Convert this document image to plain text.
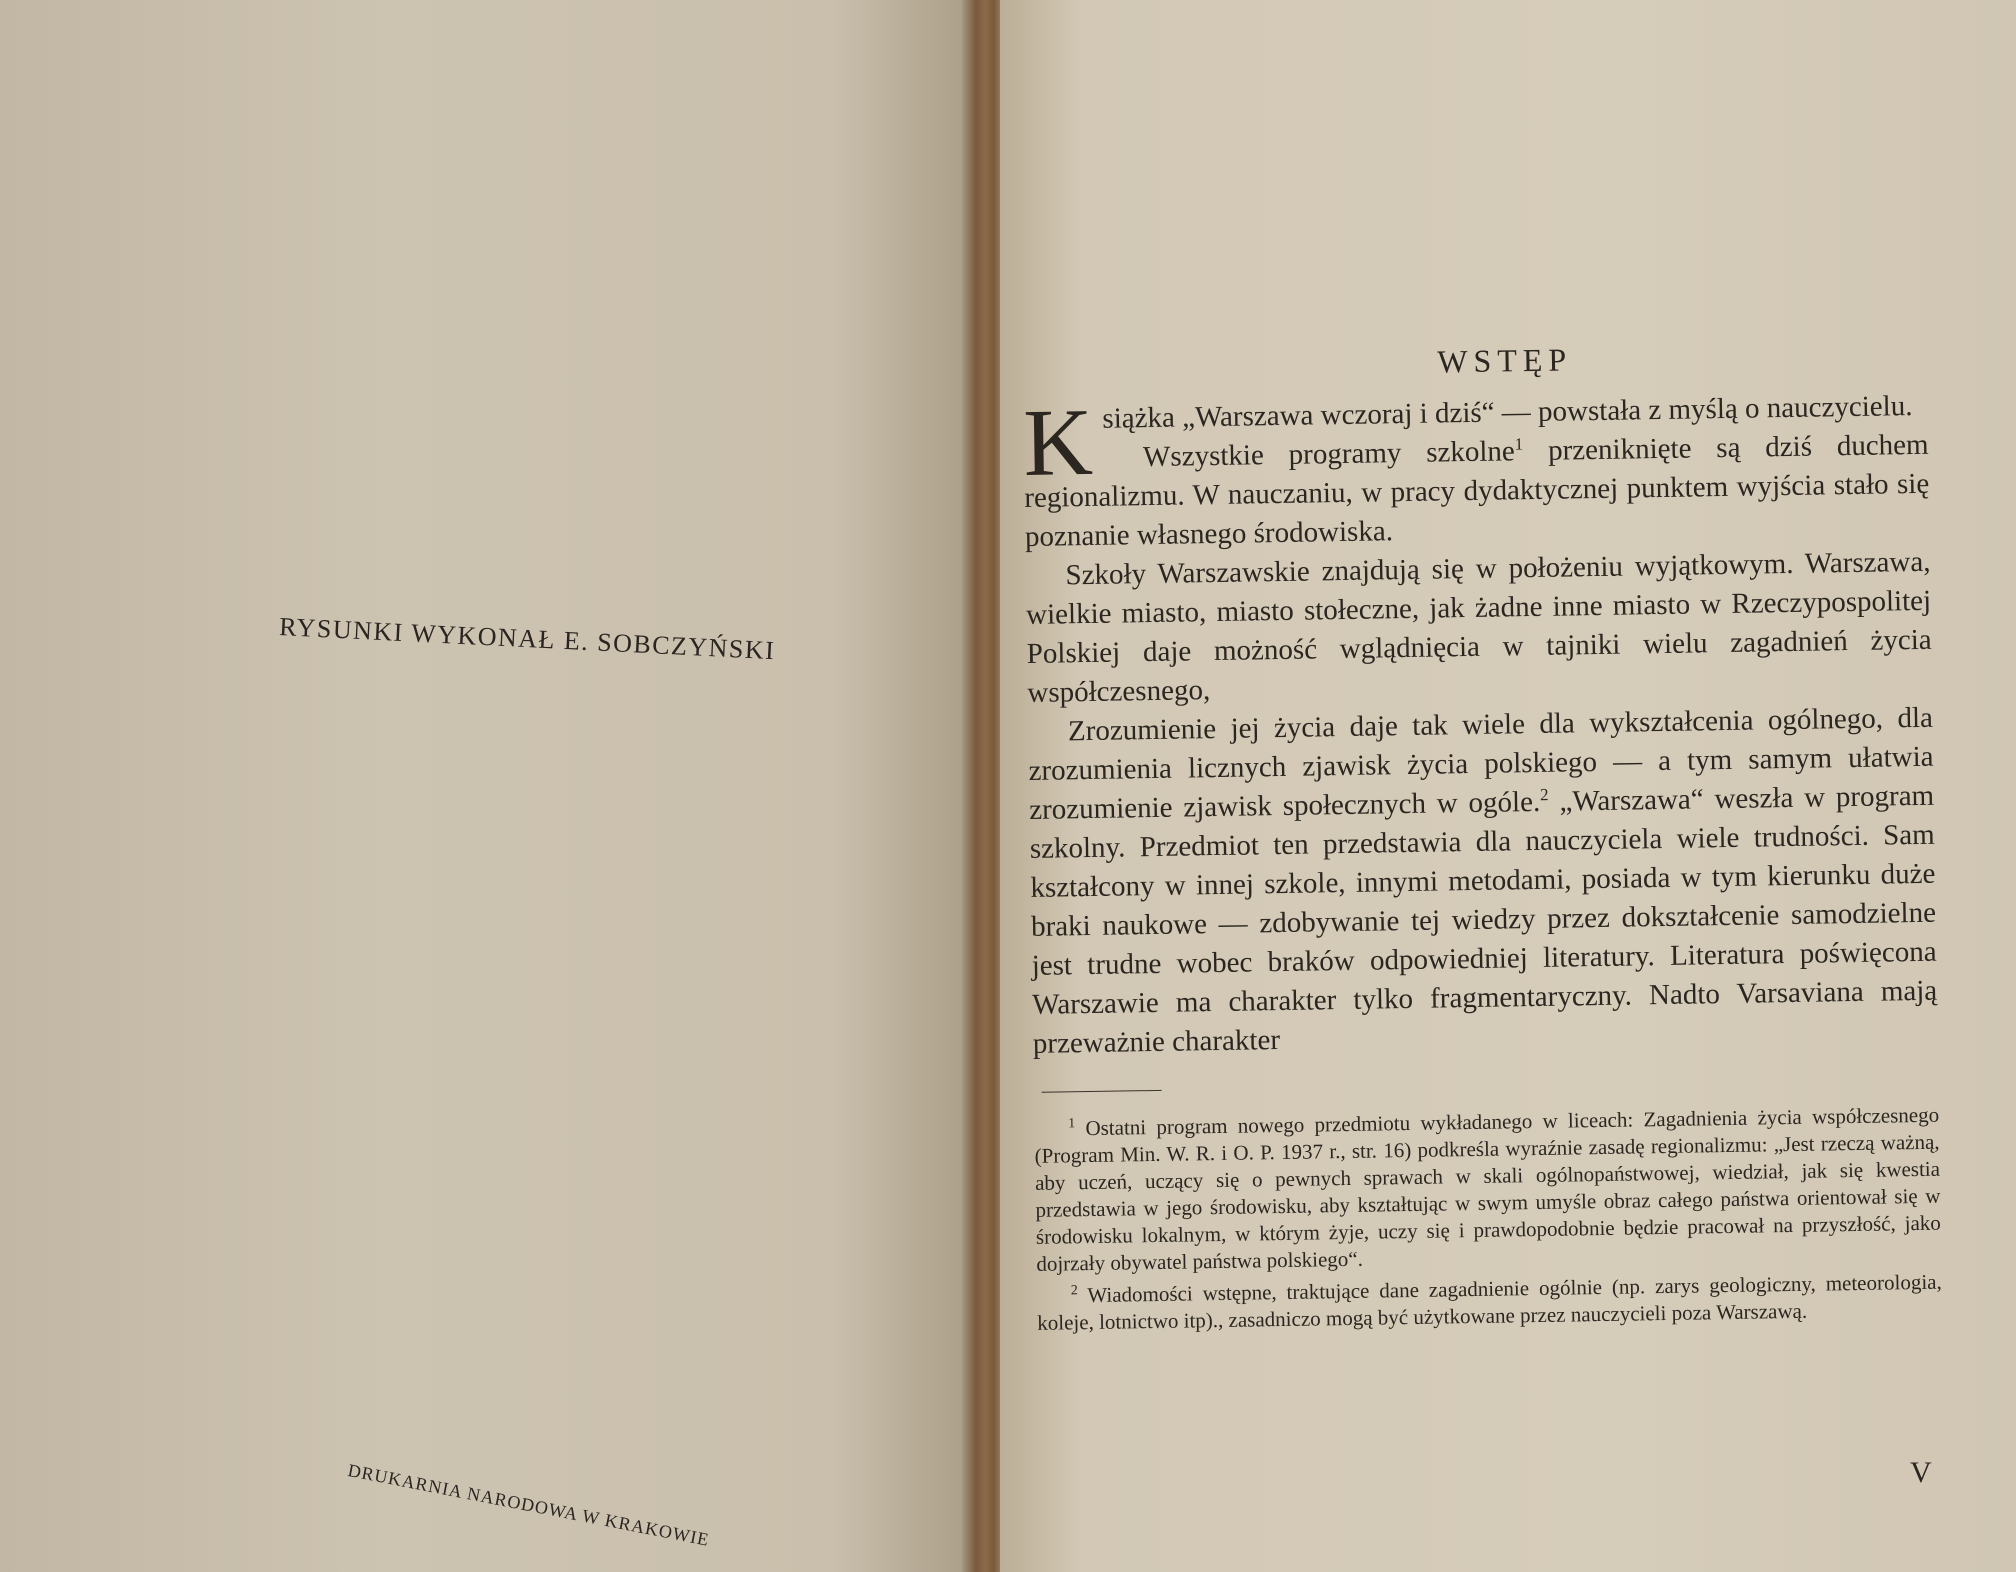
RYSUNKI WYKONAŁ E. SOBCZYŃSKI
DRUKARNIA NARODOWA W KRAKOWIE
WSTĘP

K siążka „Warszawa wczoraj i dziś“ — powstała z myślą o nauczycielu.

Wszystkie programy szkolne$^1$ przeniknięte są dziś duchem regionalizmu. W nauczaniu, w pracy dydaktycznej punktem wyjścia stało się poznanie własnego środowiska.

Szkoły Warszawskie znajdują się w położeniu wyjątkowym. Warszawa, wielkie miasto, miasto stołeczne, jak żadne inne miasto w Rzeczypospolitej Polskiej daje możność wglądnięcia w tajniki wielu zagadnień życia współczesnego,

Zrozumienie jej życia daje tak wiele dla wykształcenia ogólnego, dla zrozumienia licznych zjawisk życia polskiego — a tym samym ułatwia zrozumienie zjawisk społecznych w ogóle.$^2$ „Warszawa“ weszła w program szkolny. Przedmiot ten przedstawia dla nauczyciela wiele trudności. Sam kształcony w innej szkole, innymi metodami, posiada w tym kierunku duże braki naukowe — zdobywanie tej wiedzy przez dokształcenie samodzielne jest trudne wobec braków odpowiedniej literatury. Literatura poświęcona Warszawie ma charakter tylko fragmentaryczny. Nadto Varsaviana mają przeważnie charakter

$^1$ Ostatni program nowego przedmiotu wykładanego w liceach: Zagadnienia życia współczesnego (Program Min. W. R. i O. P. 1937 r., str. 16) podkreśla wyraźnie zasadę regionalizmu: „Jest rzeczą ważną, aby uczeń, uczący się o pewnych sprawach w skali ogólnopaństwowej, wiedział, jak się kwestia przedstawia w jego środowisku, aby kształtując w swym umyśle obraz całego państwa orientował się w środowisku lokalnym, w którym żyje, uczy się i prawdopodobnie będzie pracował na przyszłość, jako dojrzały obywatel państwa polskiego“.

$^2$ Wiadomości wstępne, traktujące dane zagadnienie ogólnie (np. zarys geologiczny, meteorologia, koleje, lotnictwo itp)., zasadniczo mogą być użytkowane przez nauczycieli poza Warszawą.

V
